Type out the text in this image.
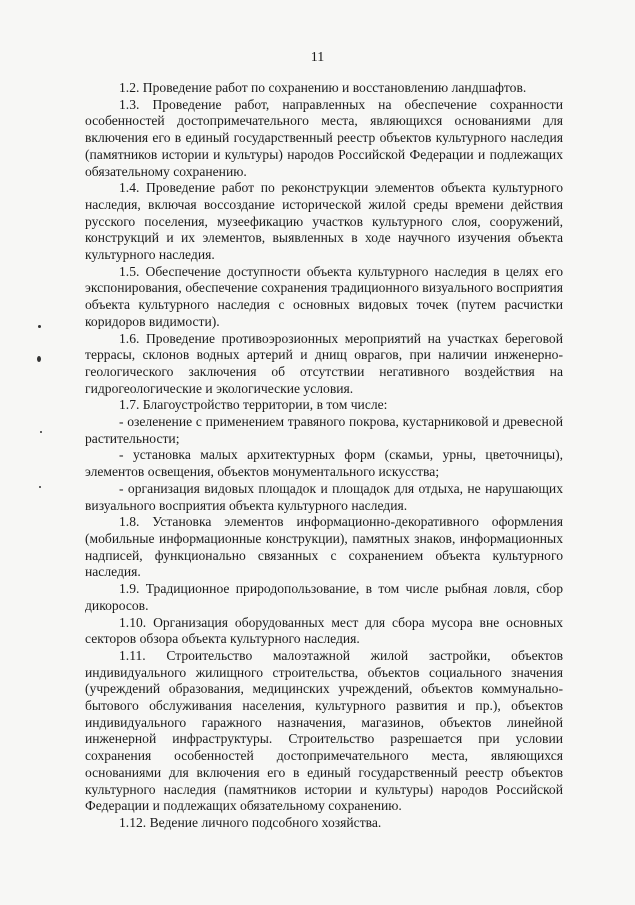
11

1.2. Проведение работ по сохранению и восстановлению ландшафтов.

1.3. Проведение работ, направленных на обеспечение сохранности особенностей достопримечательного места, являющихся основаниями для включения его в единый государственный реестр объектов культурного наследия (памятников истории и культуры) народов Российской Федерации и подлежащих обязательному сохранению.

1.4. Проведение работ по реконструкции элементов объекта культурного наследия, включая воссоздание исторической жилой среды времени действия русского поселения, музеефикацию участков культурного слоя, сооружений, конструкций и их элементов, выявленных в ходе научного изучения объекта культурного наследия.

1.5. Обеспечение доступности объекта культурного наследия в целях его экспонирования, обеспечение сохранения традиционного визуального восприятия объекта культурного наследия с основных видовых точек (путем расчистки коридоров видимости).

1.6. Проведение противоэрозионных мероприятий на участках береговой террасы, склонов водных артерий и днищ оврагов, при наличии инженерно-геологического заключения об отсутствии негативного воздействия на гидрогеологические и экологические условия.

1.7. Благоустройство территории, в том числе:

- озеленение с применением травяного покрова, кустарниковой и древесной растительности;

- установка малых архитектурных форм (скамьи, урны, цветочницы), элементов освещения, объектов монументального искусства;

- организация видовых площадок и площадок для отдыха, не нарушающих визуального восприятия объекта культурного наследия.

1.8. Установка элементов информационно-декоративного оформления (мобильные информационные конструкции), памятных знаков, информационных надписей, функционально связанных с сохранением объекта культурного наследия.

1.9. Традиционное природопользование, в том числе рыбная ловля, сбор дикоросов.

1.10. Организация оборудованных мест для сбора мусора вне основных секторов обзора объекта культурного наследия.

1.11. Строительство малоэтажной жилой застройки, объектов индивидуального жилищного строительства, объектов социального значения (учреждений образования, медицинских учреждений, объектов коммунально-бытового обслуживания населения, культурного развития и пр.), объектов индивидуального гаражного назначения, магазинов, объектов линейной инженерной инфраструктуры. Строительство разрешается при условии сохранения особенностей достопримечательного места, являющихся основаниями для включения его в единый государственный реестр объектов культурного наследия (памятников истории и культуры) народов Российской Федерации и подлежащих обязательному сохранению.

1.12. Ведение личного подсобного хозяйства.
